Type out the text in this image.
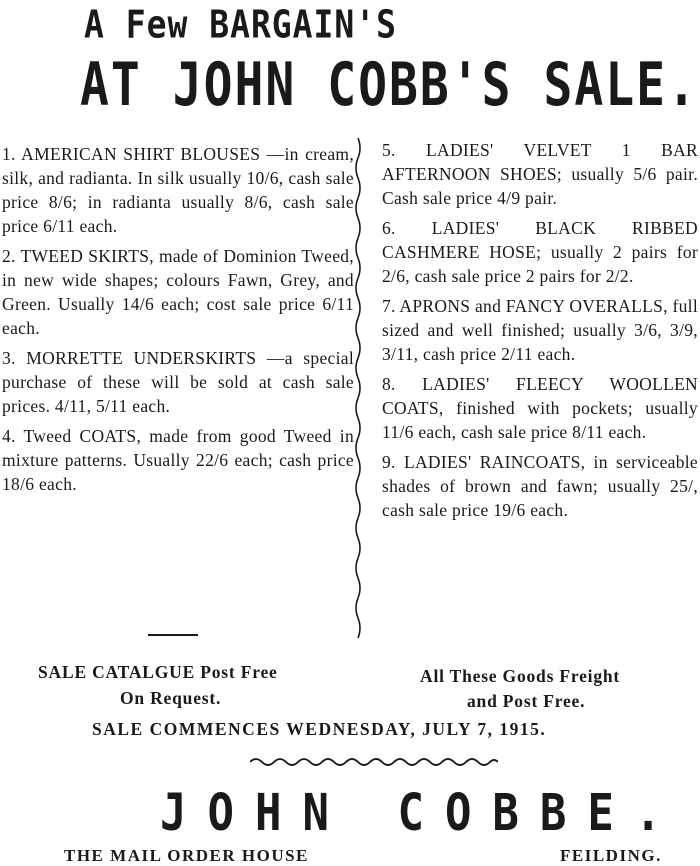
A Few BARGAIN'S
AT JOHN COBB'S SALE.
1. AMERICAN SHIRT BLOUSES —in cream, silk, and radianta. In silk usually 10/6, cash sale price 8/6; in radianta usually 8/6, cash sale price 6/11 each.
2. TWEED SKIRTS, made of Dominion Tweed, in new wide shapes; colours Fawn, Grey, and Green. Usually 14/6 each; cost sale price 6/11 each.
3. MORRETTE UNDERSKIRTS —a special purchase of these will be sold at cash sale prices. 4/11, 5/11 each.
4. Tweed COATS, made from good Tweed in mixture patterns. Usually 22/6 each; cash price 18/6 each.
5. LADIES' VELVET 1 BAR AFTERNOON SHOES; usually 5/6 pair. Cash sale price 4/9 pair.
6. LADIES' BLACK RIBBED CASHMERE HOSE; usually 2 pairs for 2/6, cash sale price 2 pairs for 2/2.
7. APRONS and FANCY OVERALLS, full sized and well finished; usually 3/6, 3/9, 3/11, cash price 2/11 each.
8. LADIES' FLEECY WOOLLEN COATS, finished with pockets; usually 11/6 each, cash sale price 8/11 each.
9. LADIES' RAINCOATS, in serviceable shades of brown and fawn; usually 25/, cash sale price 19/6 each.
SALE CATALGUE Post Free
On Request.
All These Goods Freight
and Post Free.
SALE COMMENCES WEDNESDAY, JULY 7, 1915.
JOHN COBBE.
THE MAIL ORDER HOUSE	FEILDING.
